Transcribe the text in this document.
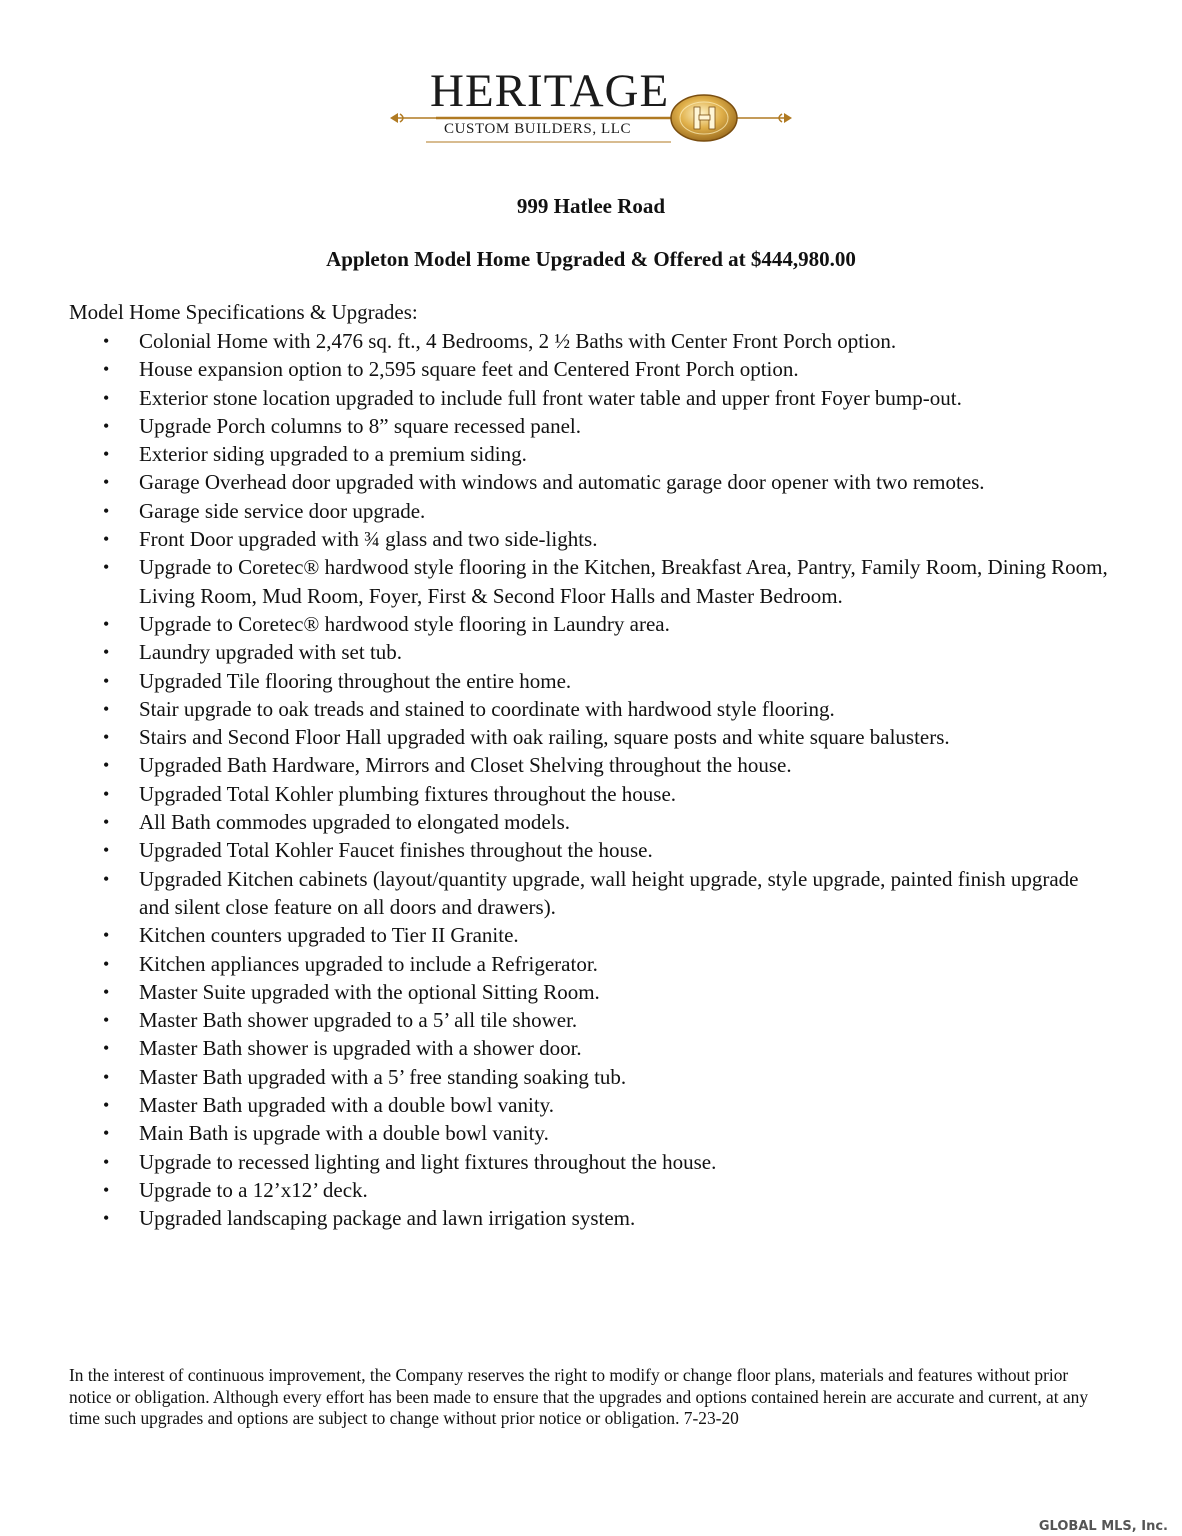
HERITAGE
CUSTOM BUILDERS, LLC
999 Hatlee Road
Appleton Model Home Upgraded & Offered at $444,980.00
Model Home Specifications & Upgrades:
• Colonial Home with 2,476 sq. ft., 4 Bedrooms, 2 ½ Baths with Center Front Porch option.
• House expansion option to 2,595 square feet and Centered Front Porch option.
• Exterior stone location upgraded to include full front water table and upper front Foyer bump-out.
• Upgrade Porch columns to 8” square recessed panel.
• Exterior siding upgraded to a premium siding.
• Garage Overhead door upgraded with windows and automatic garage door opener with two remotes.
• Garage side service door upgrade.
• Front Door upgraded with ¾ glass and two side-lights.
• Upgrade to Coretec® hardwood style flooring in the Kitchen, Breakfast Area, Pantry, Family Room, Dining Room, Living Room, Mud Room, Foyer, First & Second Floor Halls and Master Bedroom.
• Upgrade to Coretec® hardwood style flooring in Laundry area.
• Laundry upgraded with set tub.
• Upgraded Tile flooring throughout the entire home.
• Stair upgrade to oak treads and stained to coordinate with hardwood style flooring.
• Stairs and Second Floor Hall upgraded with oak railing, square posts and white square balusters.
• Upgraded Bath Hardware, Mirrors and Closet Shelving throughout the house.
• Upgraded Total Kohler plumbing fixtures throughout the house.
• All Bath commodes upgraded to elongated models.
• Upgraded Total Kohler Faucet finishes throughout the house.
• Upgraded Kitchen cabinets (layout/quantity upgrade, wall height upgrade, style upgrade, painted finish upgrade and silent close feature on all doors and drawers).
• Kitchen counters upgraded to Tier II Granite.
• Kitchen appliances upgraded to include a Refrigerator.
• Master Suite upgraded with the optional Sitting Room.
• Master Bath shower upgraded to a 5’ all tile shower.
• Master Bath shower is upgraded with a shower door.
• Master Bath upgraded with a 5’ free standing soaking tub.
• Master Bath upgraded with a double bowl vanity.
• Main Bath is upgrade with a double bowl vanity.
• Upgrade to recessed lighting and light fixtures throughout the house.
• Upgrade to a 12’x12’ deck.
• Upgraded landscaping package and lawn irrigation system.
In the interest of continuous improvement, the Company reserves the right to modify or change floor plans, materials and features without prior notice or obligation. Although every effort has been made to ensure that the upgrades and options contained herein are accurate and current, at any time such upgrades and options are subject to change without prior notice or obligation. 7-23-20
GLOBAL MLS, Inc.
